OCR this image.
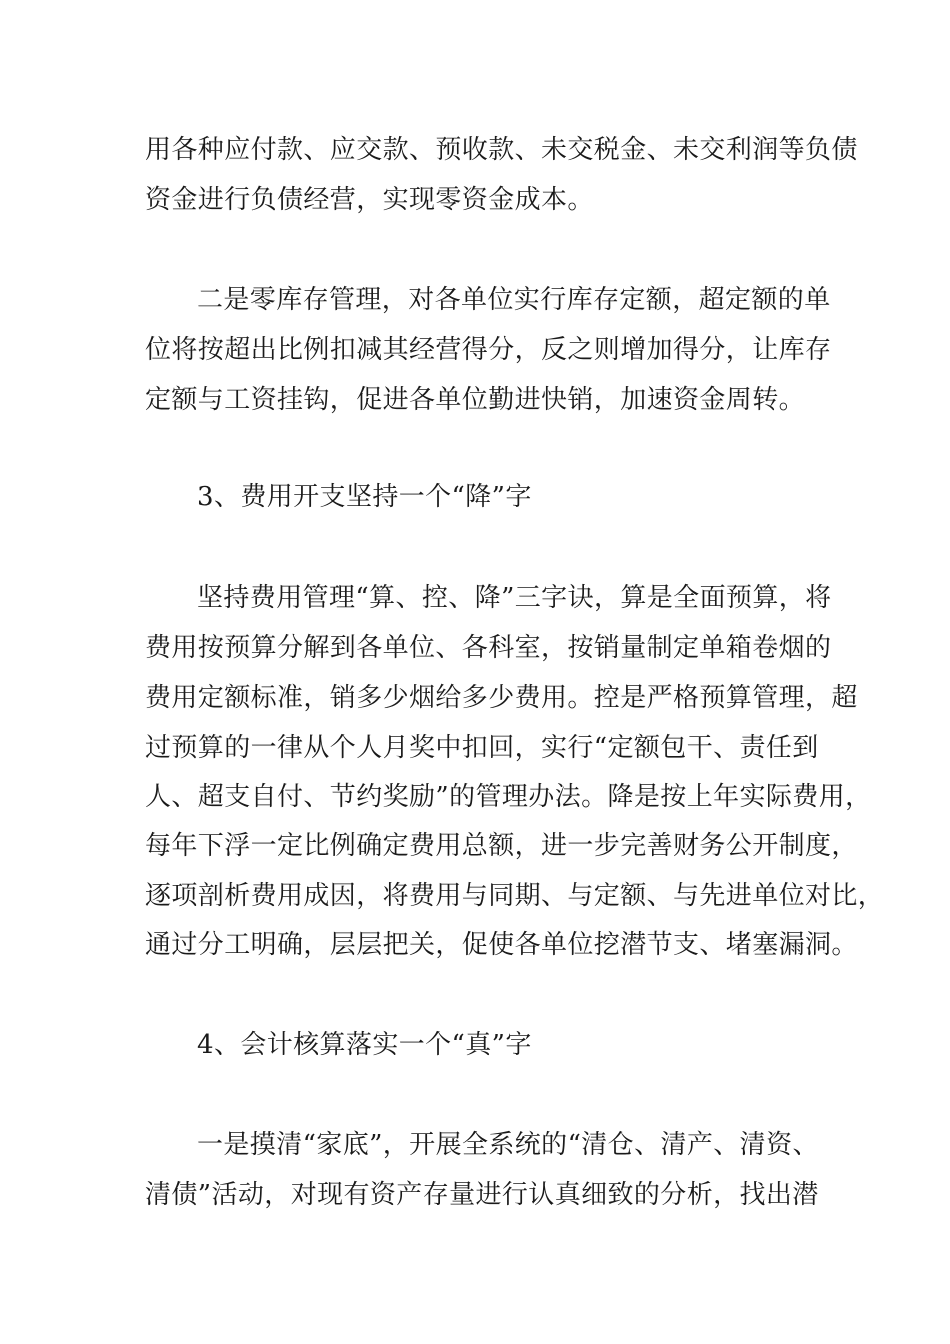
用各种应付款、应交款、预收款、未交税金、未交利润等负债
资金进行负债经营，实现零资金成本。
二是零库存管理，对各单位实行库存定额，超定额的单
位将按超出比例扣减其经营得分，反之则增加得分，让库存
定额与工资挂钩，促进各单位勤进快销，加速资金周转。
3、费用开支坚持一个“降”字
坚持费用管理“算、控、降”三字诀，算是全面预算，将
费用按预算分解到各单位、各科室，按销量制定单箱卷烟的
费用定额标准，销多少烟给多少费用。控是严格预算管理，超
过预算的一律从个人月奖中扣回，实行“定额包干、责任到
人、超支自付、节约奖励”的管理办法。降是按上年实际费用，
每年下浮一定比例确定费用总额，进一步完善财务公开制度，
逐项剖析费用成因，将费用与同期、与定额、与先进单位对比，
通过分工明确，层层把关，促使各单位挖潜节支、堵塞漏洞。
4、会计核算落实一个“真”字
一是摸清“家底”，开展全系统的“清仓、清产、清资、
清债”活动，对现有资产存量进行认真细致的分析，找出潜
